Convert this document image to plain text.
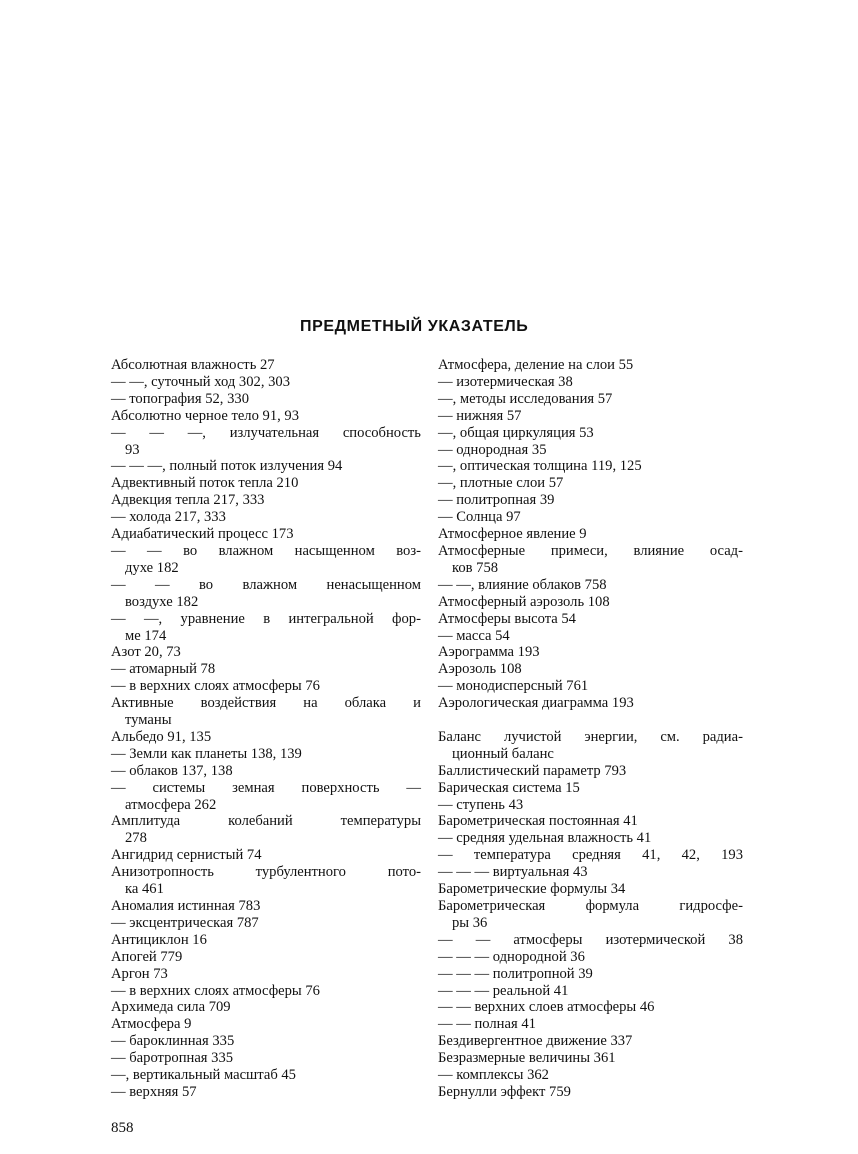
ПРЕДМЕТНЫЙ УКАЗАТЕЛЬ
Абсолютная влажность 27
— —, суточный ход 302, 303
— топография 52, 330
Абсолютно черное тело 91, 93
— — —, излучательная способность
93
— — —, полный поток излучения 94
Адвективный поток тепла 210
Адвекция тепла 217, 333
— холода 217, 333
Адиабатический процесс 173
— — во влажном насыщенном воз-
духе 182
— — во влажном ненасыщенном
воздухе 182
— —, уравнение в интегральной фор-
ме 174
Азот 20, 73
— атомарный 78
— в верхних слоях атмосферы 76
Активные воздействия на облака и
туманы
Альбедо 91, 135
— Земли как планеты 138, 139
— облаков 137, 138
— системы земная поверхность —
атмосфера 262
Амплитуда	колебаний	температуры
278
Ангидрид сернистый 74
Анизотропность	турбулентного	пото-
ка 461
Аномалия истинная 783
— эксцентрическая 787
Антициклон 16
Апогей 779
Аргон 73
— в верхних слоях атмосферы 76
Архимеда сила 709
Атмосфера 9
— бароклинная 335
— баротропная 335
—, вертикальный масштаб 45
— верхняя 57
Атмосфера, деление на слои 55
— изотермическая 38
—, методы исследования 57
— нижняя 57
—, общая циркуляция 53
— однородная 35
—, оптическая толщина 119, 125
—, плотные слои 57
— политропная 39
— Солнца 97
Атмосферное явление 9
Атмосферные примеси, влияние осад-
ков 758
— —, влияние облаков 758
Атмосферный аэрозоль 108
Атмосферы высота 54
— масса 54
Аэрограмма 193
Аэрозоль 108
— монодисперсный 761
Аэрологическая диаграмма 193
Баланс лучистой энергии, см. радиа-
ционный баланс
Баллистический параметр 793
Барическая система 15
— ступень 43
Барометрическая постоянная 41
— средняя удельная влажность 41
— температура средняя 41, 42, 193
— — — виртуальная 43
Барометрические формулы 34
Барометрическая	формула	гидросфе-
ры 36
— — атмосферы изотермической 38
— — — однородной 36
— — — политропной 39
— — — реальной 41
— — верхних слоев атмосферы 46
— — полная 41
Бездивергентное движение 337
Безразмерные величины 361
— комплексы 362
Бернулли эффект 759
858
